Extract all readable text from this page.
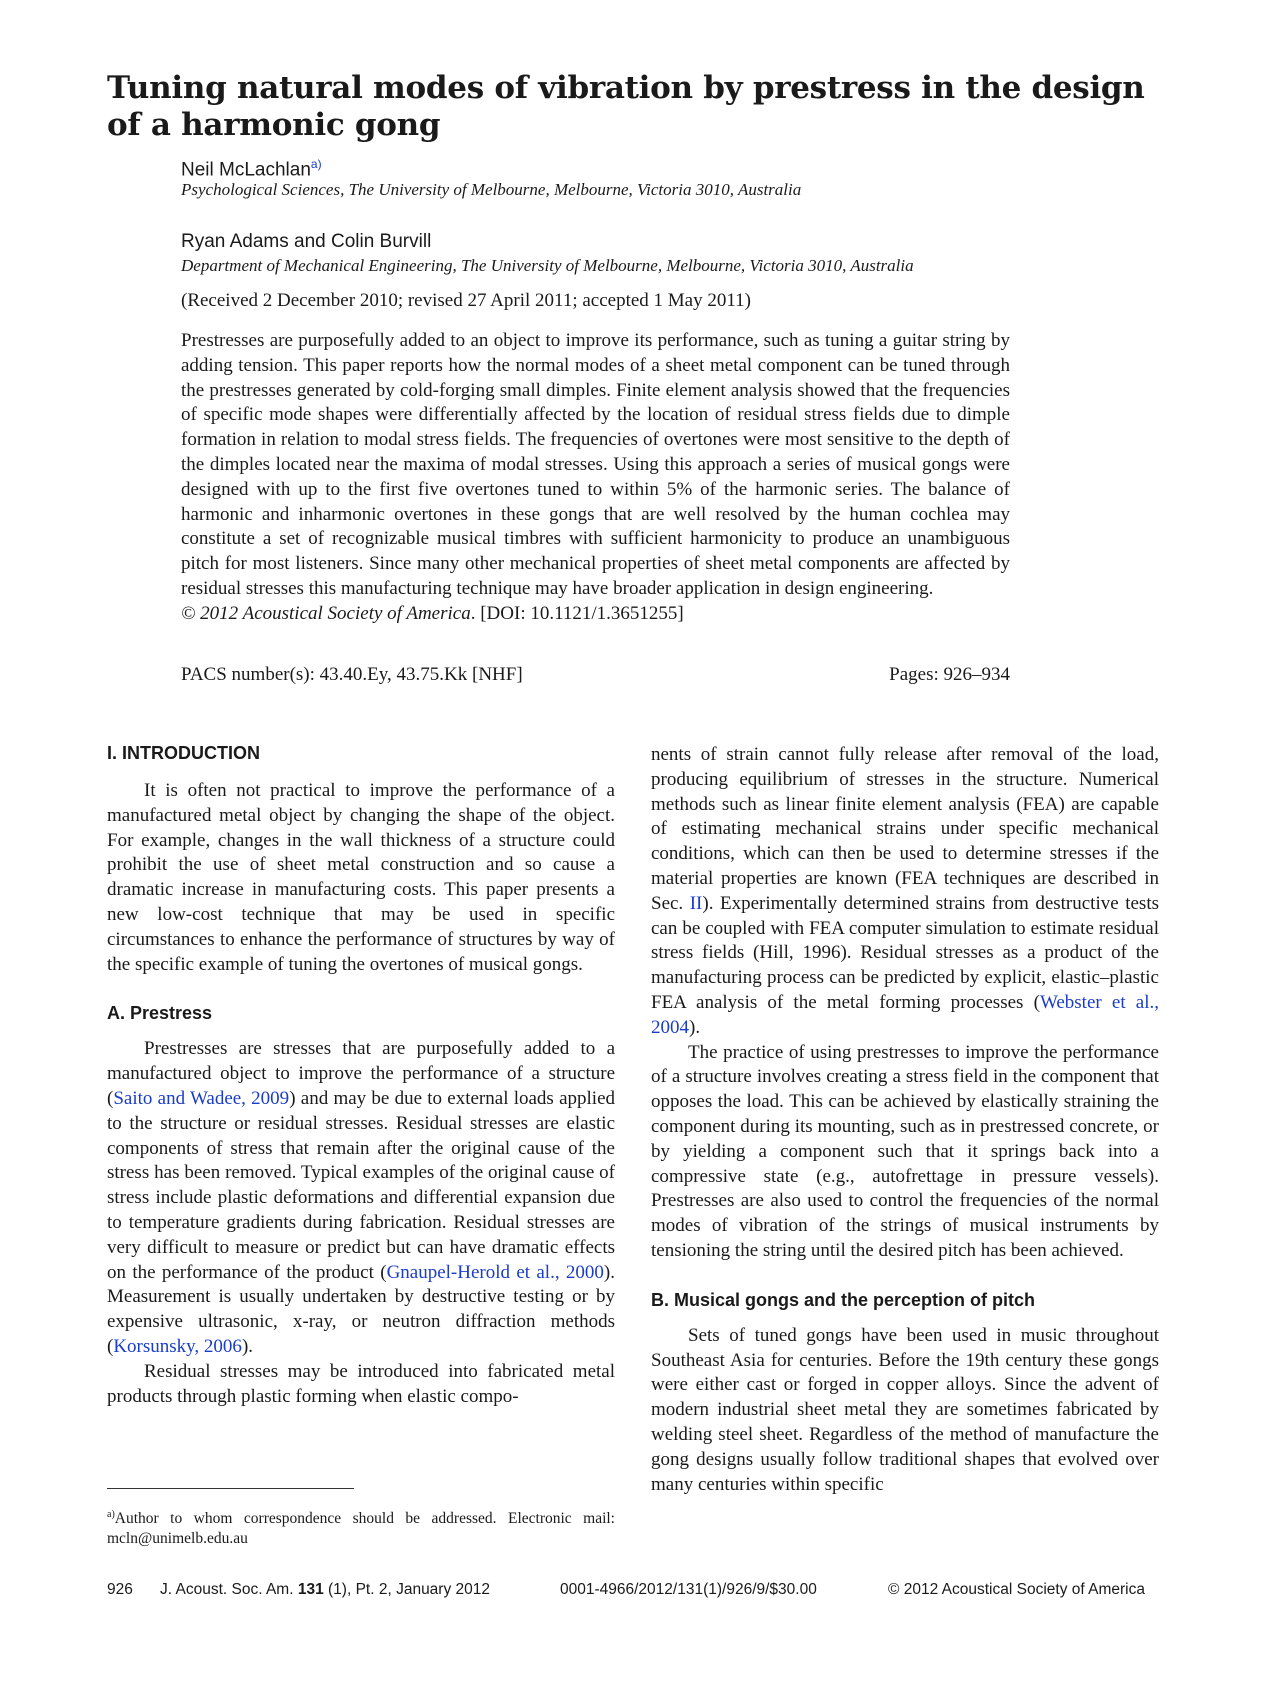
Tuning natural modes of vibration by prestress in the design of a harmonic gong
Neil McLachlan$^{a)}$
Psychological Sciences, The University of Melbourne, Melbourne, Victoria 3010, Australia
Ryan Adams and Colin Burvill
Department of Mechanical Engineering, The University of Melbourne, Melbourne, Victoria 3010, Australia
(Received 2 December 2010; revised 27 April 2011; accepted 1 May 2011)

Prestresses are purposefully added to an object to improve its performance, such as tuning a guitar string by adding tension. This paper reports how the normal modes of a sheet metal component can be tuned through the prestresses generated by cold-forging small dimples. Finite element analysis showed that the frequencies of specific mode shapes were differentially affected by the location of residual stress fields due to dimple formation in relation to modal stress fields. The frequencies of overtones were most sensitive to the depth of the dimples located near the maxima of modal stresses. Using this approach a series of musical gongs were designed with up to the first five overtones tuned to within 5% of the harmonic series. The balance of harmonic and inharmonic overtones in these gongs that are well resolved by the human cochlea may constitute a set of recognizable musical timbres with sufficient harmonicity to produce an unambiguous pitch for most listeners. Since many other mechanical properties of sheet metal components are affected by residual stresses this manufacturing technique may have broader application in design engineering.
© 2012 Acoustical Society of America. [DOI: 10.1121/1.3651255]

PACS number(s): 43.40.Ey, 43.75.Kk [NHF]	Pages: 926–934
I. INTRODUCTION

It is often not practical to improve the performance of a manufactured metal object by changing the shape of the object. For example, changes in the wall thickness of a structure could prohibit the use of sheet metal construction and so cause a dramatic increase in manufacturing costs. This paper presents a new low-cost technique that may be used in specific circumstances to enhance the performance of structures by way of the specific example of tuning the overtones of musical gongs.

A. Prestress

Prestresses are stresses that are purposefully added to a manufactured object to improve the performance of a structure (Saito and Wadee, 2009) and may be due to external loads applied to the structure or residual stresses. Residual stresses are elastic components of stress that remain after the original cause of the stress has been removed. Typical examples of the original cause of stress include plastic deformations and differential expansion due to temperature gradients during fabrication. Residual stresses are very difficult to measure or predict but can have dramatic effects on the performance of the product (Gnaupel-Herold et al., 2000). Measurement is usually undertaken by destructive testing or by expensive ultrasonic, x-ray, or neutron diffraction methods (Korsunsky, 2006).

Residual stresses may be introduced into fabricated metal products through plastic forming when elastic compo-

nents of strain cannot fully release after removal of the load, producing equilibrium of stresses in the structure. Numerical methods such as linear finite element analysis (FEA) are capable of estimating mechanical strains under specific mechanical conditions, which can then be used to determine stresses if the material properties are known (FEA techniques are described in Sec. II). Experimentally determined strains from destructive tests can be coupled with FEA computer simulation to estimate residual stress fields (Hill, 1996). Residual stresses as a product of the manufacturing process can be predicted by explicit, elastic–plastic FEA analysis of the metal forming processes (Webster et al., 2004).

The practice of using prestresses to improve the performance of a structure involves creating a stress field in the component that opposes the load. This can be achieved by elastically straining the component during its mounting, such as in prestressed concrete, or by yielding a component such that it springs back into a compressive state (e.g., autofrettage in pressure vessels). Prestresses are also used to control the frequencies of the normal modes of vibration of the strings of musical instruments by tensioning the string until the desired pitch has been achieved.

B. Musical gongs and the perception of pitch

Sets of tuned gongs have been used in music throughout Southeast Asia for centuries. Before the 19th century these gongs were either cast or forged in copper alloys. Since the advent of modern industrial sheet metal they are sometimes fabricated by welding steel sheet. Regardless of the method of manufacture the gong designs usually follow traditional shapes that evolved over many centuries within specific

$^{a)}$Author to whom correspondence should be addressed. Electronic mail: mcln@unimelb.edu.au
926 J. Acoust. Soc. Am. 131 (1), Pt. 2, January 2012	0001-4966/2012/131(1)/926/9/$30.00	© 2012 Acoustical Society of America
